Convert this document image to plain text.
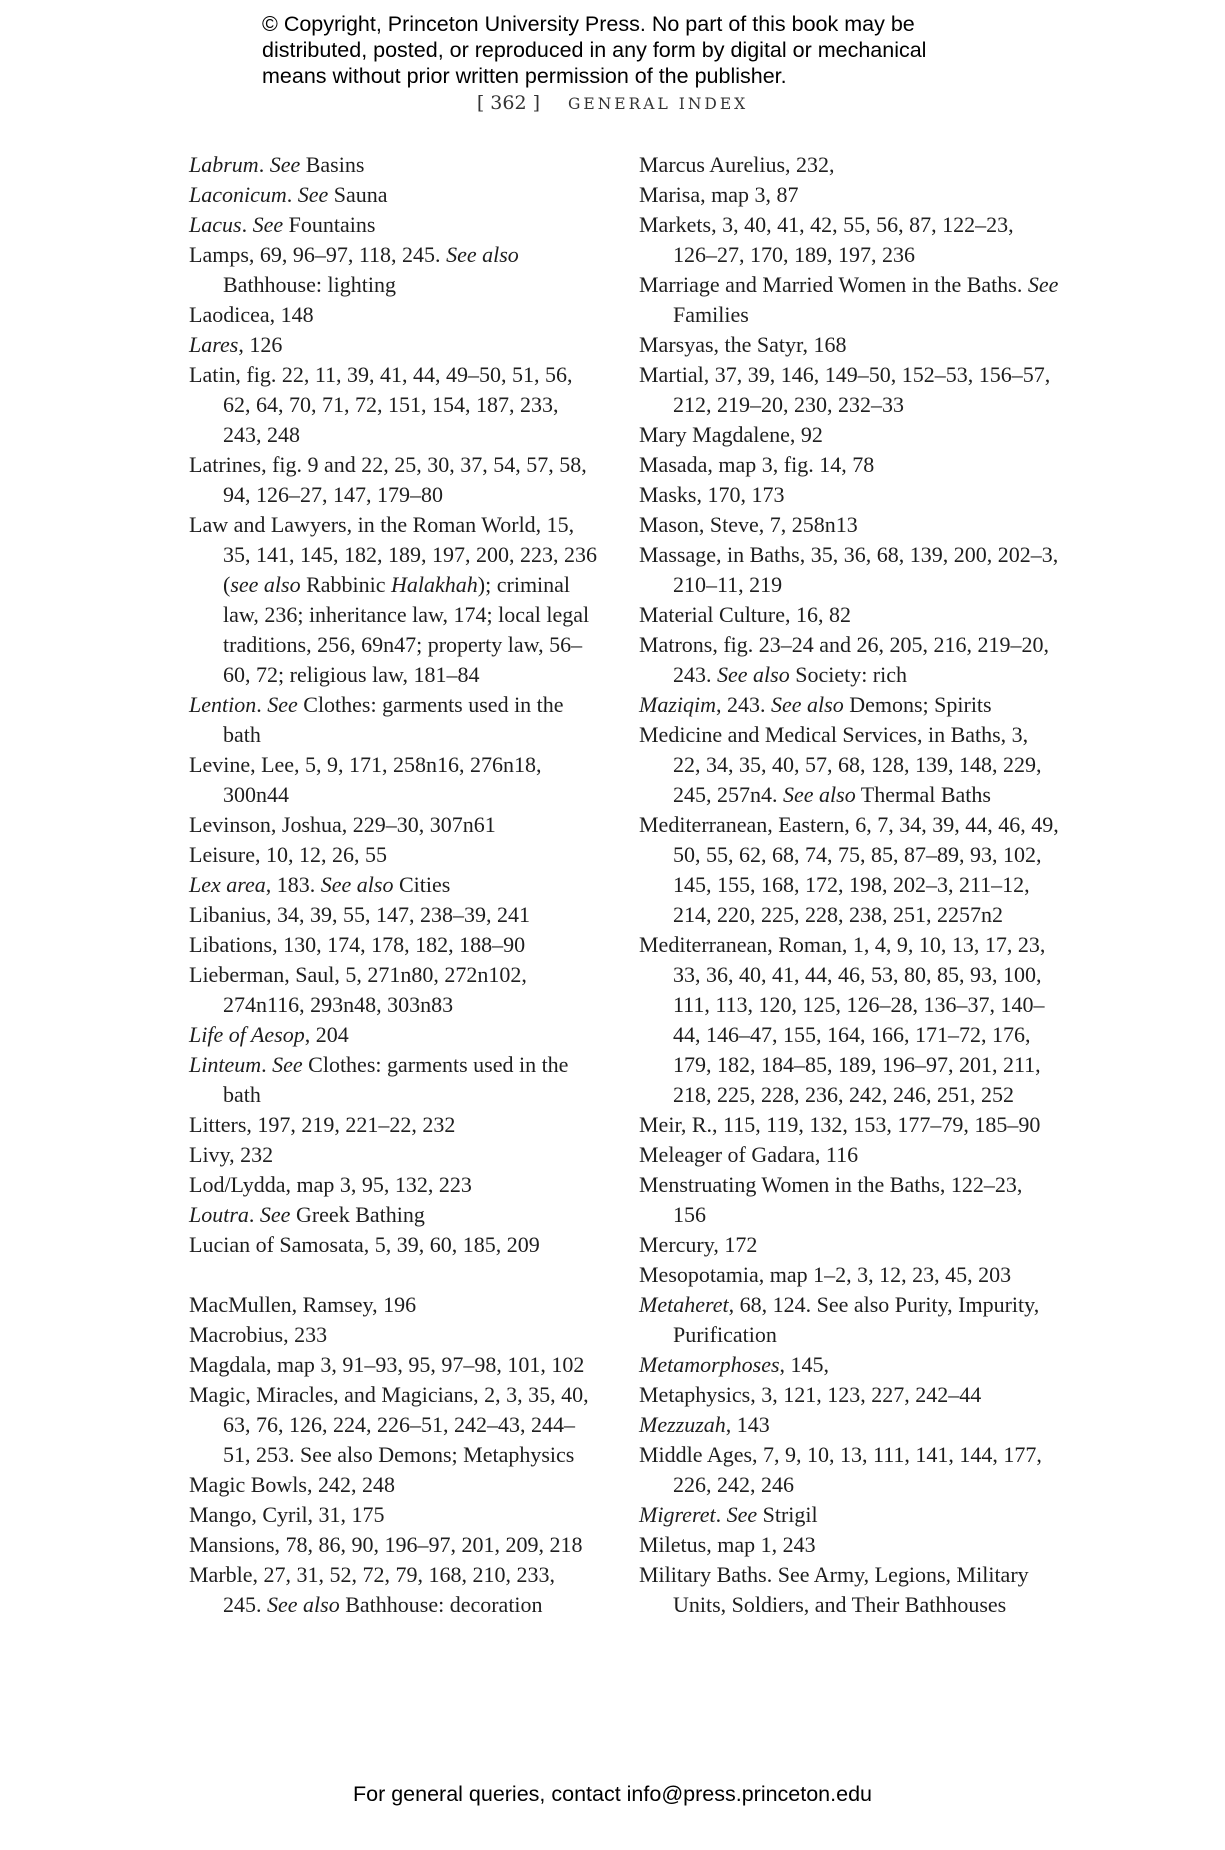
© Copyright, Princeton University Press. No part of this book may be
distributed, posted, or reproduced in any form by digital or mechanical
means without prior written permission of the publisher.
[ 362 ] GENERAL INDEX
Labrum. See Basins
Laconicum. See Sauna
Lacus. See Fountains
Lamps, 69, 96–97, 118, 245. See also Bathhouse: lighting
Laodicea, 148
Lares, 126
Latin, fig. 22, 11, 39, 41, 44, 49–50, 51, 56, 62, 64, 70, 71, 72, 151, 154, 187, 233, 243, 248
Latrines, fig. 9 and 22, 25, 30, 37, 54, 57, 58, 94, 126–27, 147, 179–80
Law and Lawyers, in the Roman World, 15, 35, 141, 145, 182, 189, 197, 200, 223, 236 (see also Rabbinic Halakhah); criminal law, 236; inheritance law, 174; local legal traditions, 256, 69n47; property law, 56–60, 72; religious law, 181–84
Lention. See Clothes: garments used in the bath
Levine, Lee, 5, 9, 171, 258n16, 276n18, 300n44
Levinson, Joshua, 229–30, 307n61
Leisure, 10, 12, 26, 55
Lex area, 183. See also Cities
Libanius, 34, 39, 55, 147, 238–39, 241
Libations, 130, 174, 178, 182, 188–90
Lieberman, Saul, 5, 271n80, 272n102, 274n116, 293n48, 303n83
Life of Aesop, 204
Linteum. See Clothes: garments used in the bath
Litters, 197, 219, 221–22, 232
Livy, 232
Lod/Lydda, map 3, 95, 132, 223
Loutra. See Greek Bathing
Lucian of Samosata, 5, 39, 60, 185, 209
MacMullen, Ramsey, 196
Macrobius, 233
Magdala, map 3, 91–93, 95, 97–98, 101, 102
Magic, Miracles, and Magicians, 2, 3, 35, 40, 63, 76, 126, 224, 226–51, 242–43, 244–51, 253. See also Demons; Metaphysics
Magic Bowls, 242, 248
Mango, Cyril, 31, 175
Mansions, 78, 86, 90, 196–97, 201, 209, 218
Marble, 27, 31, 52, 72, 79, 168, 210, 233, 245. See also Bathhouse: decoration
Marcus Aurelius, 232,
Marisa, map 3, 87
Markets, 3, 40, 41, 42, 55, 56, 87, 122–23, 126–27, 170, 189, 197, 236
Marriage and Married Women in the Baths. See Families
Marsyas, the Satyr, 168
Martial, 37, 39, 146, 149–50, 152–53, 156–57, 212, 219–20, 230, 232–33
Mary Magdalene, 92
Masada, map 3, fig. 14, 78
Masks, 170, 173
Mason, Steve, 7, 258n13
Massage, in Baths, 35, 36, 68, 139, 200, 202–3, 210–11, 219
Material Culture, 16, 82
Matrons, fig. 23–24 and 26, 205, 216, 219–20, 243. See also Society: rich
Maziqim, 243. See also Demons; Spirits
Medicine and Medical Services, in Baths, 3, 22, 34, 35, 40, 57, 68, 128, 139, 148, 229, 245, 257n4. See also Thermal Baths
Mediterranean, Eastern, 6, 7, 34, 39, 44, 46, 49, 50, 55, 62, 68, 74, 75, 85, 87–89, 93, 102, 145, 155, 168, 172, 198, 202–3, 211–12, 214, 220, 225, 228, 238, 251, 2257n2
Mediterranean, Roman, 1, 4, 9, 10, 13, 17, 23, 33, 36, 40, 41, 44, 46, 53, 80, 85, 93, 100, 111, 113, 120, 125, 126–28, 136–37, 140–44, 146–47, 155, 164, 166, 171–72, 176, 179, 182, 184–85, 189, 196–97, 201, 211, 218, 225, 228, 236, 242, 246, 251, 252
Meir, R., 115, 119, 132, 153, 177–79, 185–90
Meleager of Gadara, 116
Menstruating Women in the Baths, 122–23, 156
Mercury, 172
Mesopotamia, map 1–2, 3, 12, 23, 45, 203
Metaheret, 68, 124. See also Purity, Impurity, Purification
Metamorphoses, 145,
Metaphysics, 3, 121, 123, 227, 242–44
Mezzuzah, 143
Middle Ages, 7, 9, 10, 13, 111, 141, 144, 177, 226, 242, 246
Migreret. See Strigil
Miletus, map 1, 243
Military Baths. See Army, Legions, Military Units, Soldiers, and Their Bathhouses
For general queries, contact info@press.princeton.edu
